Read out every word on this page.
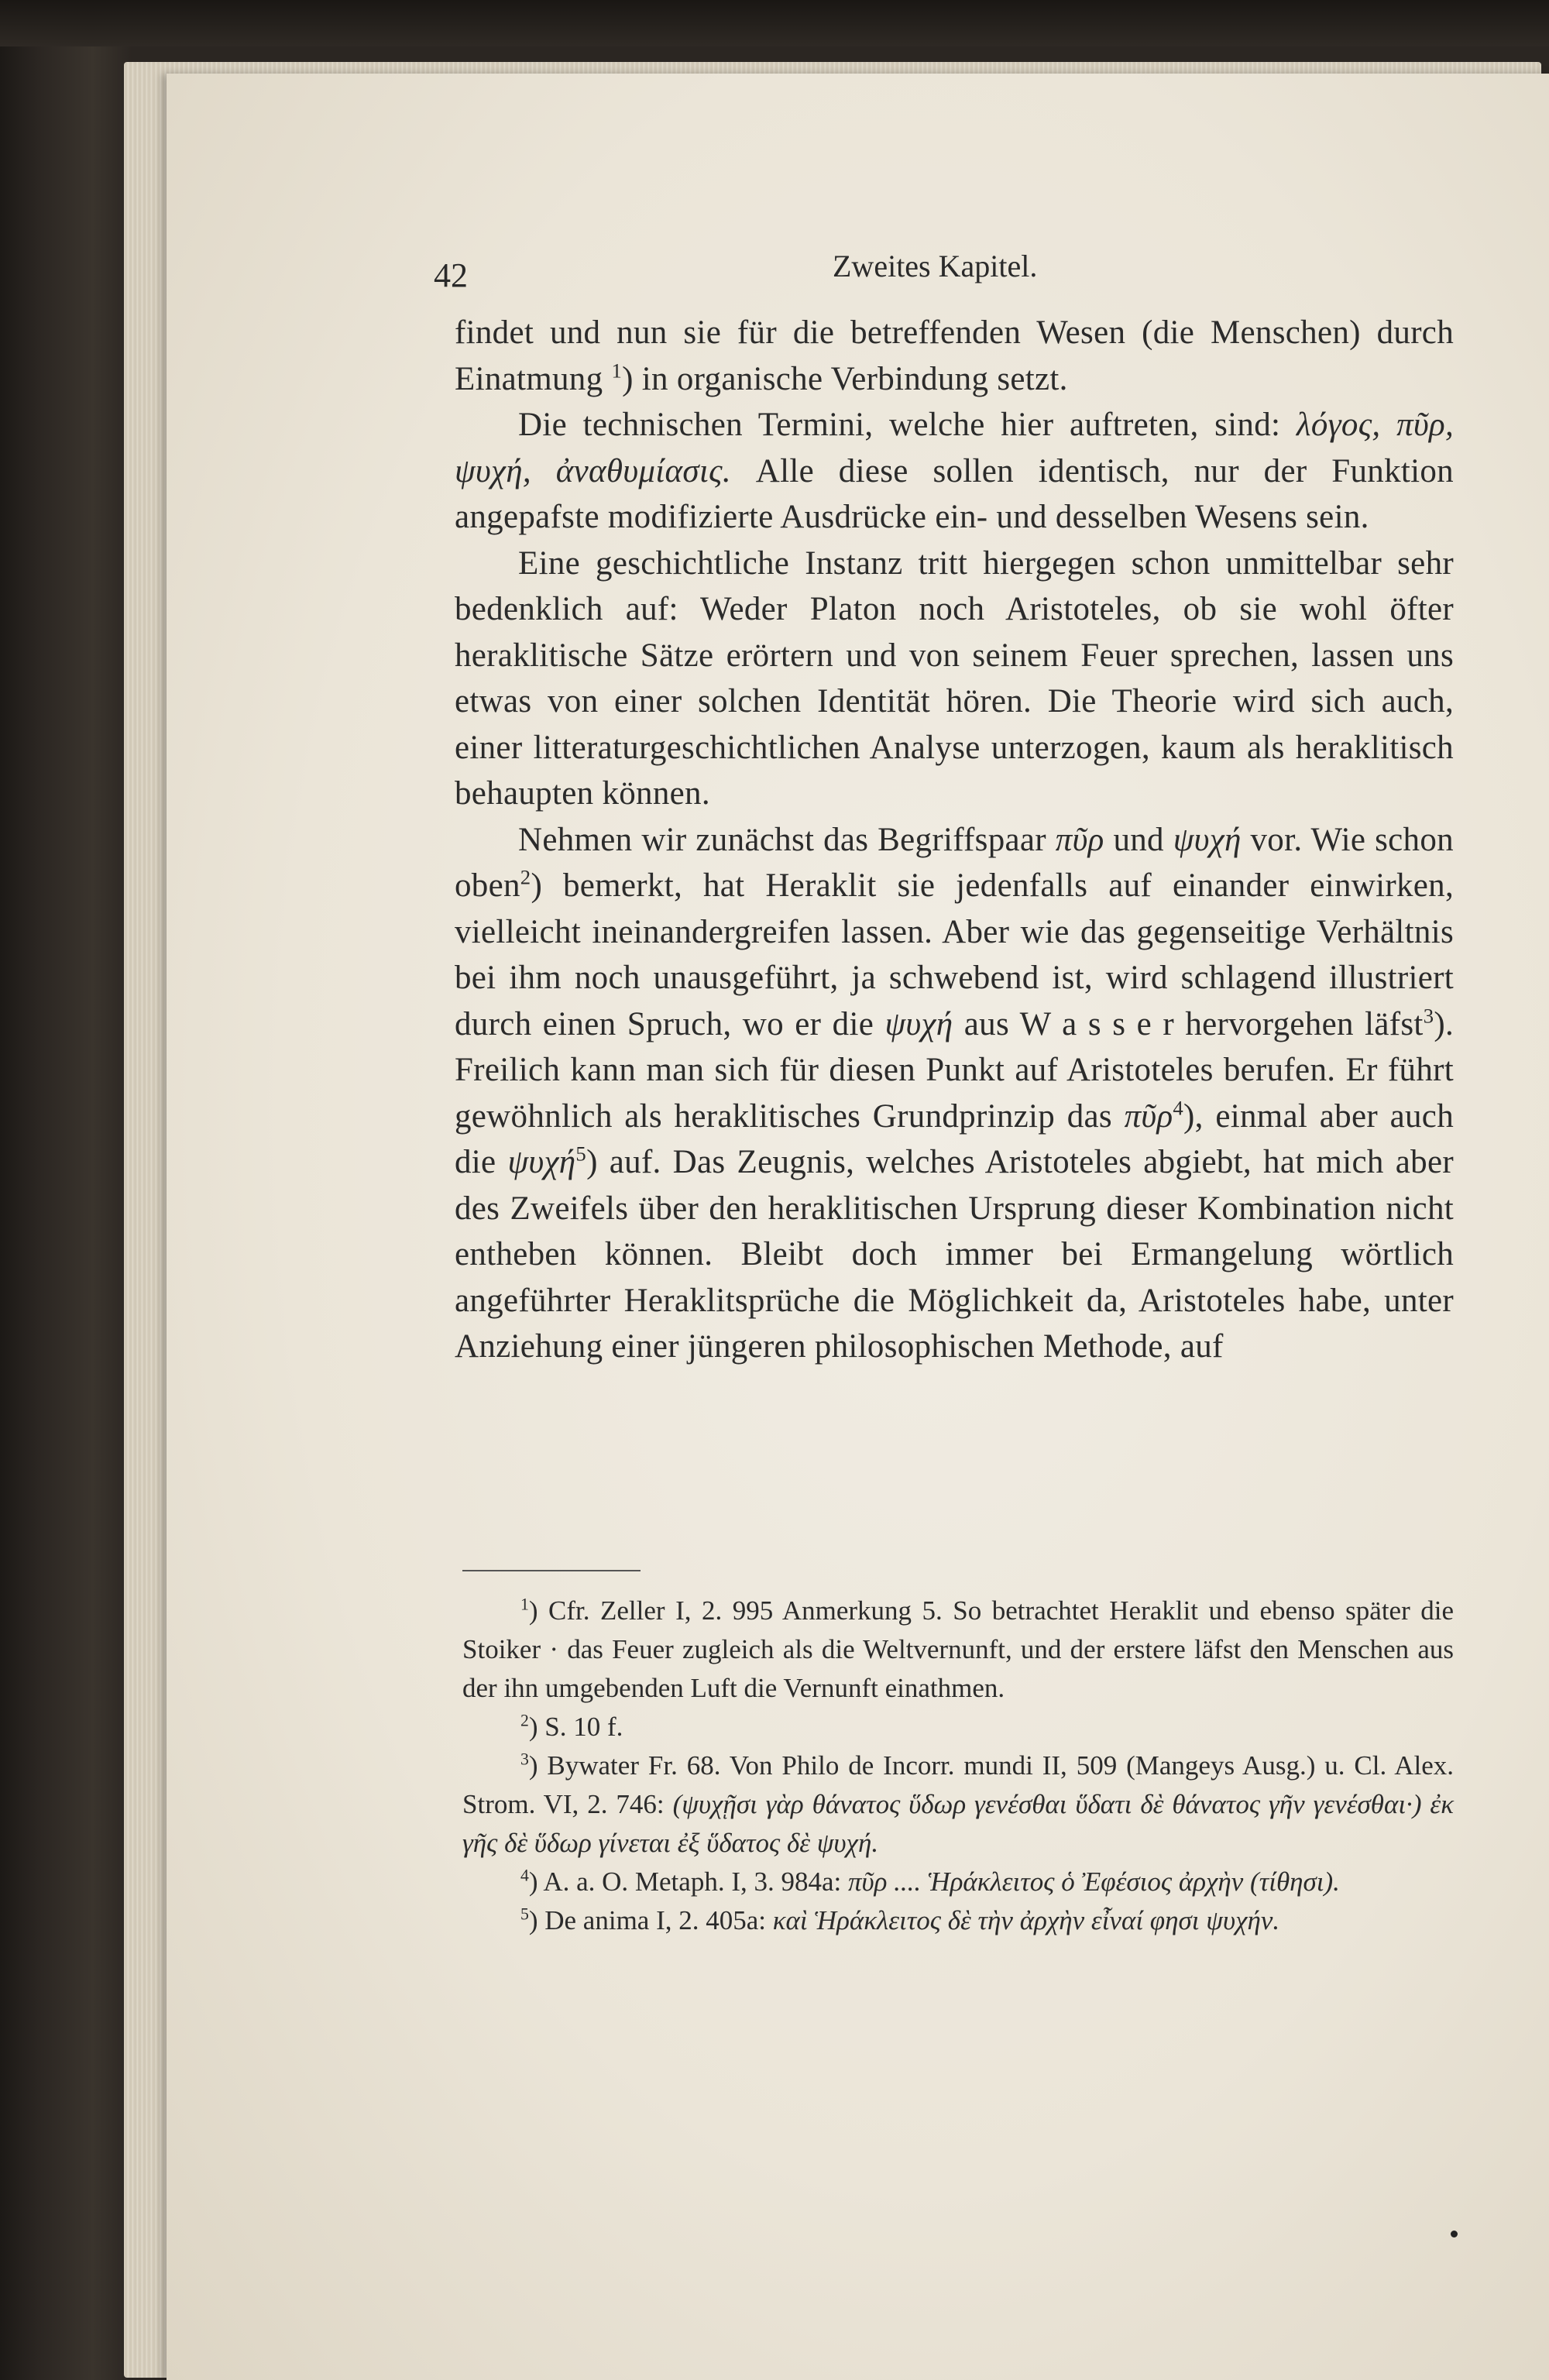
42	Zweites Kapitel.

findet und nun sie für die betreffenden Wesen (die Menschen) durch Einatmung $^1$) in organische Verbindung setzt.

Die technischen Termini, welche hier auftreten, sind: λόγος, πῦρ, ψυχή, ἀναθυμίασις. Alle diese sollen identisch, nur der Funktion angepafste modifizierte Ausdrücke ein- und desselben Wesens sein.

Eine geschichtliche Instanz tritt hiergegen schon unmittelbar sehr bedenklich auf: Weder Platon noch Aristoteles, ob sie wohl öfter heraklitische Sätze erörtern und von seinem Feuer sprechen, lassen uns etwas von einer solchen Identität hören. Die Theorie wird sich auch, einer litteraturgeschichtlichen Analyse unterzogen, kaum als heraklitisch behaupten können.

Nehmen wir zunächst das Begriffspaar πῦρ und ψυχή vor. Wie schon oben$^2$) bemerkt, hat Heraklit sie jedenfalls auf einander einwirken, vielleicht ineinandergreifen lassen. Aber wie das gegenseitige Verhältnis bei ihm noch unausgeführt, ja schwebend ist, wird schlagend illustriert durch einen Spruch, wo er die ψυχή aus W a s s e r hervorgehen läfst$^3$). Freilich kann man sich für diesen Punkt auf Aristoteles berufen. Er führt gewöhnlich als heraklitisches Grundprinzip das πῦρ$^4$), einmal aber auch die ψυχή$^5$) auf. Das Zeugnis, welches Aristoteles abgiebt, hat mich aber des Zweifels über den heraklitischen Ursprung dieser Kombination nicht entheben können. Bleibt doch immer bei Ermangelung wörtlich angeführter Heraklitsprüche die Möglichkeit da, Aristoteles habe, unter Anziehung einer jüngeren philosophischen Methode, auf

$^1$) Cfr. Zeller I, 2. 995 Anmerkung 5. So betrachtet Heraklit und ebenso später die Stoiker · das Feuer zugleich als die Weltvernunft, und der erstere läfst den Menschen aus der ihn umgebenden Luft die Vernunft einathmen.

$^2$) S. 10 f.

$^3$) Bywater Fr. 68. Von Philo de Incorr. mundi II, 509 (Mangeys Ausg.) u. Cl. Alex. Strom. VI, 2. 746: (ψυχῇσι γὰρ θάνατος ὕδωρ γενέσθαι ὕδατι δὲ θάνατος γῆν γενέσθαι·) ἐκ γῆς δὲ ὕδωρ γίνεται ἐξ ὕδατος δὲ ψυχή.

$^4$) A. a. O. Metaph. I, 3. 984a: πῦρ .... Ἡράκλειτος ὁ Ἐφέσιος ἀρχὴν (τίθησι).

$^5$) De anima I, 2. 405a: καὶ Ἡράκλειτος δὲ τὴν ἀρχὴν εἶναί φησι ψυχήν.
